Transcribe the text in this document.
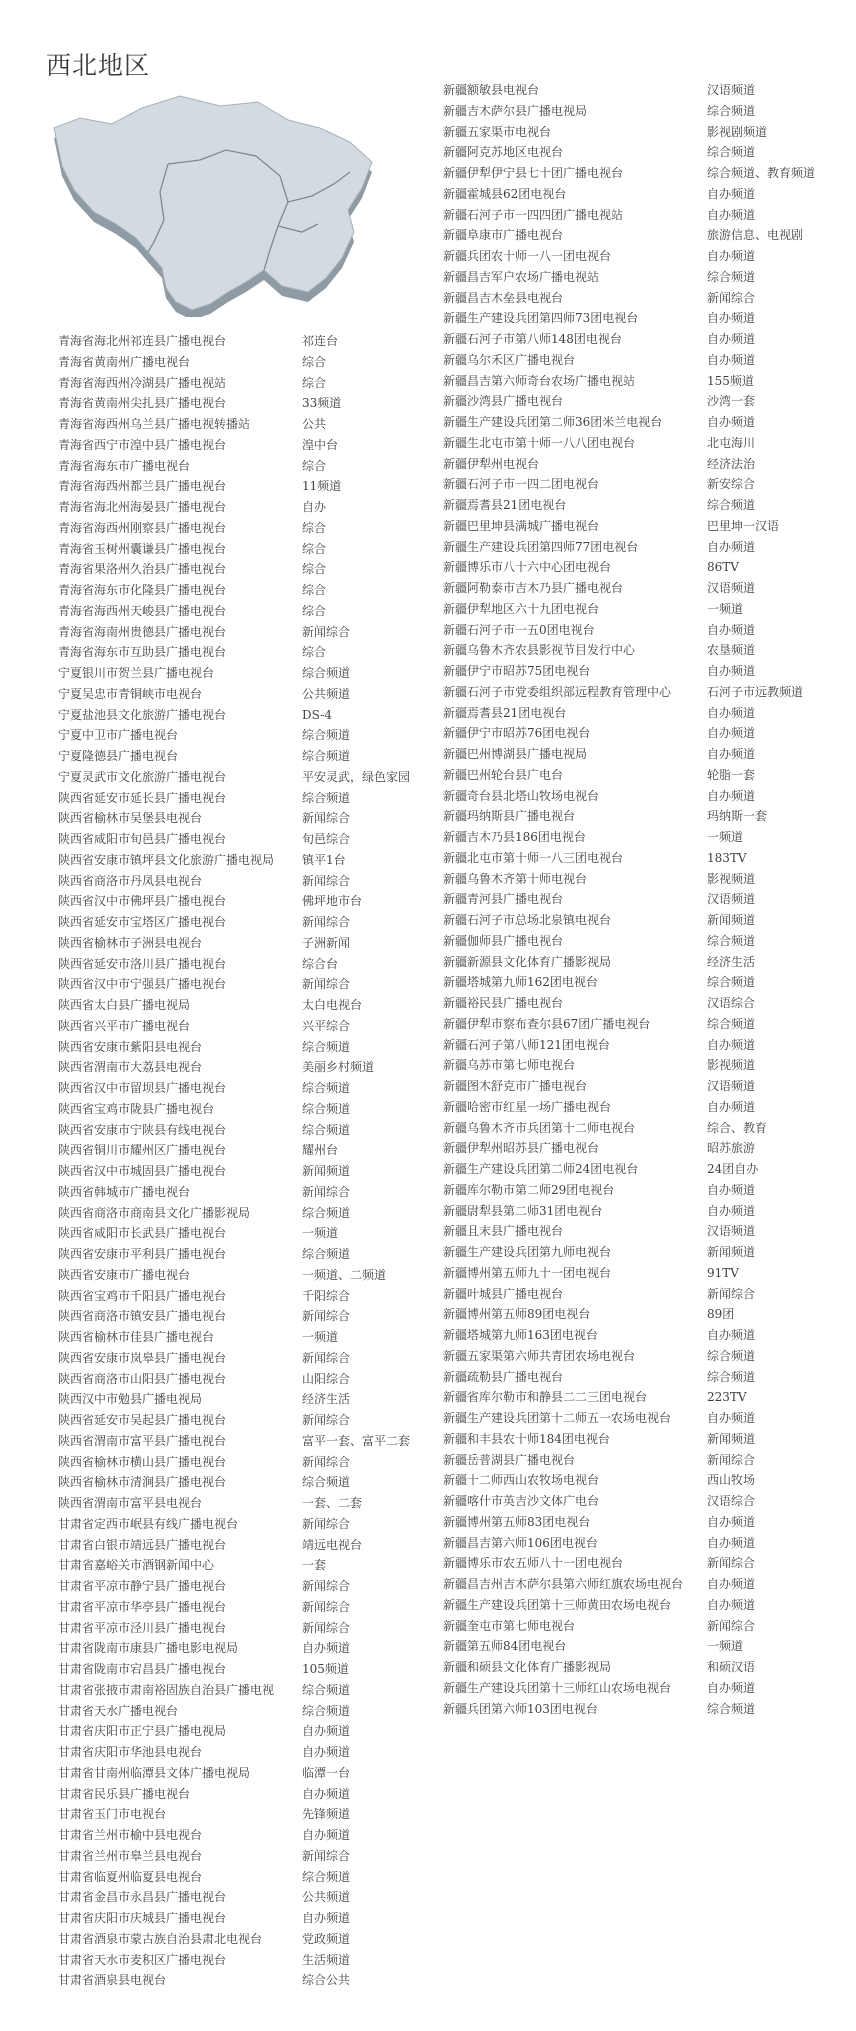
西北地区
青海省海北州祁连县广播电视台	祁连台
青海省黄南州广播电视台	综合
青海省海西州冷湖县广播电视站	综合
青海省黄南州尖扎县广播电视台	33频道
青海省海西州乌兰县广播电视转播站	公共
青海省西宁市湟中县广播电视台	湟中台
青海省海东市广播电视台	综合
青海省海西州都兰县广播电视台	11频道
青海省海北州海晏县广播电视台	自办
青海省海西州刚察县广播电视台	综合
青海省玉树州囊谦县广播电视台	综合
青海省果洛州久治县广播电视台	综合
青海省海东市化隆县广播电视台	综合
青海省海西州天峻县广播电视台	综合
青海省海南州贵德县广播电视台	新闻综合
青海省海东市互助县广播电视台	综合
宁夏银川市贺兰县广播电视台	综合频道
宁夏吴忠市青铜峡市电视台	公共频道
宁夏盐池县文化旅游广播电视台	DS-4
宁夏中卫市广播电视台	综合频道
宁夏隆德县广播电视台	综合频道
宁夏灵武市文化旅游广播电视台	平安灵武，绿色家园
陕西省延安市延长县广播电视台	综合频道
陕西省榆林市吴堡县电视台	新闻综合
陕西省咸阳市旬邑县广播电视台	旬邑综合
陕西省安康市镇坪县文化旅游广播电视局 镇平1台
陕西省商洛市丹凤县电视台	新闻综合
陕西省汉中市佛坪县广播电视台	佛坪地市台
陕西省延安市宝塔区广播电视台	新闻综合
陕西省榆林市子洲县电视台	子洲新闻
陕西省延安市洛川县广播电视台	综合台
陕西省汉中市宁强县广播电视台	新闻综合
陕西省太白县广播电视局	太白电视台
陕西省兴平市广播电视台	兴平综合
陕西省安康市紫阳县电视台	综合频道
陕西省渭南市大荔县电视台	美丽乡村频道
陕西省汉中市留坝县广播电视台	综合频道
陕西省宝鸡市陇县广播电视台	综合频道
陕西省安康市宁陕县有线电视台	综合频道
陕西省铜川市耀州区广播电视台	耀州台
陕西省汉中市城固县广播电视台	新闻频道
陕西省韩城市广播电视台	新闻综合
陕西省商洛市商南县文化广播影视局	综合频道
陕西省咸阳市长武县广播电视台	一频道
陕西省安康市平利县广播电视台	综合频道
陕西省安康市广播电视台	一频道、二频道
陕西省宝鸡市千阳县广播电视台	千阳综合
陕西省商洛市镇安县广播电视台	新闻综合
陕西省榆林市佳县广播电视台	一频道
陕西省安康市岚皋县广播电视台	新闻综合
陕西省商洛市山阳县广播电视台	山阳综合
陕西汉中市勉县广播电视局	经济生活
陕西省延安市吴起县广播电视台	新闻综合
陕西省渭南市富平县广播电视台	富平一套、富平二套
陕西省榆林市横山县广播电视台	新闻综合
陕西省榆林市清涧县广播电视台	综合频道
陕西省渭南市富平县电视台	一套、二套
甘肃省定西市岷县有线广播电视台	新闻综合
甘肃省白银市靖远县广播电视台	靖远电视台
甘肃省嘉峪关市酒钢新闻中心	一套
甘肃省平凉市静宁县广播电视台	新闻综合
甘肃省平凉市华亭县广播电视台	新闻综合
甘肃省平凉市泾川县广播电视台	新闻综合
甘肃省陇南市康县广播电影电视局	自办频道
甘肃省陇南市宕昌县广播电视台	105频道
甘肃省张掖市肃南裕固族自治县广播电视 综合频道
甘肃省天水广播电视台	综合频道
甘肃省庆阳市正宁县广播电视局	自办频道
甘肃省庆阳市华池县电视台	自办频道
甘肃省甘南州临潭县文体广播电视局	临潭一台
甘肃省民乐县广播电视台	自办频道
甘肃省玉门市电视台	先锋频道
甘肃省兰州市榆中县电视台	自办频道
甘肃省兰州市皋兰县电视台	新闻综合
甘肃省临夏州临夏县电视台	综合频道
甘肃省金昌市永昌县广播电视台	公共频道
甘肃省庆阳市庆城县广播电视台	自办频道
甘肃省酒泉市蒙古族自治县肃北电视台	党政频道
甘肃省天水市麦积区广播电视台	生活频道
甘肃省酒泉县电视台	综合公共
新疆额敏县电视台	汉语频道
新疆吉木萨尔县广播电视局	综合频道
新疆五家渠市电视台	影视剧频道
新疆阿克苏地区电视台	综合频道
新疆伊犁伊宁县七十团广播电视台	综合频道、教育频道
新疆霍城县62团电视台	自办频道
新疆石河子市一四四团广播电视站	自办频道
新疆阜康市广播电视台	旅游信息、电视剧
新疆兵团农十师一八一团电视台	自办频道
新疆昌吉军户农场广播电视站	综合频道
新疆昌吉木垒县电视台	新闻综合
新疆生产建设兵团第四师73团电视台	自办频道
新疆石河子市第八师148团电视台	自办频道
新疆乌尔禾区广播电视台	自办频道
新疆昌吉第六师奇台农场广播电视站	155频道
新疆沙湾县广播电视台	沙湾一套
新疆生产建设兵团第二师36团米兰电视台	自办频道
新疆生北屯市第十师一八八团电视台	北屯海川
新疆伊犁州电视台	经济法治
新疆石河子市一四二团电视台	新安综合
新疆焉耆县21团电视台	综合频道
新疆巴里坤县满城广播电视台	巴里坤一汉语
新疆生产建设兵团第四师77团电视台	自办频道
新疆博乐市八十六中心团电视台	86TV
新疆阿勒泰市吉木乃县广播电视台	汉语频道
新疆伊犁地区六十九团电视台	一频道
新疆石河子市一五0团电视台	自办频道
新疆乌鲁木齐农县影视节目发行中心	农垦频道
新疆伊宁市昭苏75团电视台	自办频道
新疆石河子市党委组织部远程教育管理中心	石河子市远教频道
新疆焉耆县21团电视台	自办频道
新疆伊宁市昭苏76团电视台	自办频道
新疆巴州博湖县广播电视局	自办频道
新疆巴州轮台县广电台	轮脂一套
新疆奇台县北塔山牧场电视台	自办频道
新疆玛纳斯县广播电视台	玛纳斯一套
新疆吉木乃县186团电视台	一频道
新疆北屯市第十师一八三团电视台	183TV
新疆乌鲁木齐第十师电视台	影视频道
新疆青河县广播电视台	汉语频道
新疆石河子市总场北泉镇电视台	新闻频道
新疆伽师县广播电视台	综合频道
新疆新源县文化体育广播影视局	经济生活
新疆塔城第九师162团电视台	综合频道
新疆裕民县广播电视台	汉语综合
新疆伊犁市察布查尔县67团广播电视台	综合频道
新疆石河子第八师121团电视台	自办频道
新疆乌苏市第七师电视台	影视频道
新疆图木舒克市广播电视台	汉语频道
新疆哈密市红星一场广播电视台	自办频道
新疆乌鲁木齐市兵团第十二师电视台	综合、教育
新疆伊犁州昭苏县广播电视台	昭苏旅游
新疆生产建设兵团第二师24团电视台	24团自办
新疆库尔勒市第二师29团电视台	自办频道
新疆尉犁县第二师31团电视台	自办频道
新疆且末县广播电视台	汉语频道
新疆生产建设兵团第九师电视台	新闻频道
新疆博州第五师九十一团电视台	91TV
新疆叶城县广播电视台	新闻综合
新疆博州第五师89团电视台	89团
新疆塔城第九师163团电视台	自办频道
新疆五家渠第六师共青团农场电视台	综合频道
新疆疏勒县广播电视台	综合频道
新疆省库尔勒市和静县二二三团电视台	223TV
新疆生产建设兵团第十二师五一农场电视台	自办频道
新疆和丰县农十师184团电视台	新闻频道
新疆岳普湖县广播电视台	新闻综合
新疆十二师西山农牧场电视台	西山牧场
新疆喀什市英吉沙文体广电台	汉语综合
新疆博州第五师83团电视台	自办频道
新疆昌吉第六师106团电视台	自办频道
新疆博乐市农五师八十一团电视台	新闻综合
新疆昌吉州吉木萨尔县第六师红旗农场电视台 自办频道
新疆生产建设兵团第十三师黄田农场电视台	自办频道
新疆奎屯市第七师电视台	新闻综合
新疆第五师84团电视台	一频道
新疆和硕县文化体育广播影视局	和硕汉语
新疆生产建设兵团第十三师红山农场电视台	自办频道
新疆兵团第六师103团电视台	综合频道
